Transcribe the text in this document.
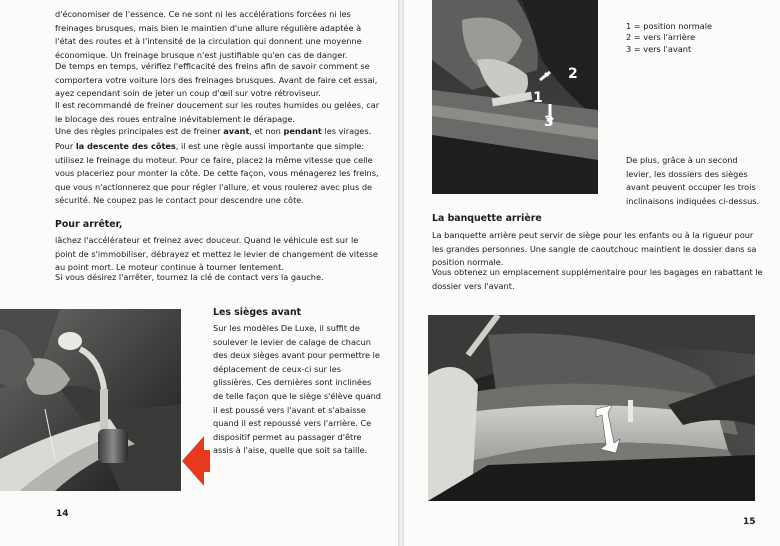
d'économiser de l'essence. Ce ne sont ni les accélérations forcées ni les freinages brusques, mais bien le maintien d'une allure régulière adaptée à l'état des routes et à l'intensité de la circulation qui donnent une moyenne économique. Un freinage brusque n'est justifiable qu'en cas de danger.

De temps en temps, vérifiez l'efficacité des freins afin de savoir comment se comportera votre voiture lors des freinages brusques. Avant de faire cet essai, ayez cependant soin de jeter un coup d'œil sur votre rétroviseur.

Il est recommandé de freiner doucement sur les routes humides ou gelées, car le blocage des roues entraîne inévitablement le dérapage.

Une des règles principales est de freiner avant, et non pendant les virages.

Pour la descente des côtes, il est une règle aussi importante que simple: utilisez le freinage du moteur. Pour ce faire, placez la même vitesse que celle vous placeriez pour monter la côte. De cette façon, vous ménagerez les freins, que vous n'actionnerez que pour régler l'allure, et vous roulerez avec plus de sécurité. Ne coupez pas le contact pour descendre une côte.

Pour arrêter,

lâchez l'accélérateur et freinez avec douceur. Quand le véhicule est sur le point de s'immobiliser, débrayez et mettez le levier de changement de vitesse au point mort. Le moteur continue à tourner lentement.

Si vous désirez l'arrêter, tournez la clé de contact vers la gauche.

Les sièges avant

Sur les modèles De Luxe, il suffit de soulever le levier de calage de chacun des deux sièges avant pour permettre le déplacement de ceux-ci sur les glissières. Ces dernières sont inclinées de telle façon que le siège s'élève quand il est poussé vers l'avant et s'abaisse quand il est repoussé vers l'arrière. Ce dispositif permet au passager d'être assis à l'aise, quelle que soit sa taille.

14
1
2
3
1 = position normale
2 = vers l'arrière
3 = vers l'avant

De plus, grâce à un second levier, les dossiers des sièges avant peuvent occuper les trois inclinaisons indiquées ci-dessus.

La banquette arrière

La banquette arrière peut servir de siège pour les enfants ou à la rigueur pour les grandes personnes. Une sangle de caoutchouc maintient le dossier dans sa position normale.

Vous obtenez un emplacement supplémentaire pour les bagages en rabattant le dossier vers l'avant.

15
